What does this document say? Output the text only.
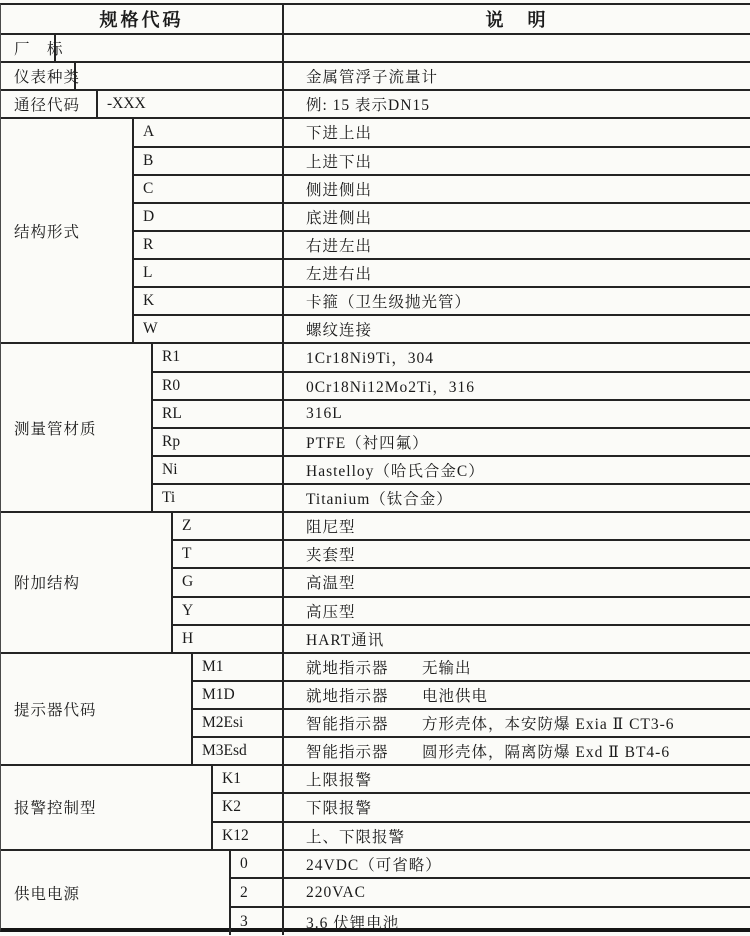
规格代码	说　明
厂　标
仪表种类	金属管浮子流量计
通径代码	-XXX	例: 15 表示DN15
结构形式
A	下进上出
B	上进下出
C	侧进侧出
D	底进侧出
R	右进左出
L	左进右出
K	卡箍（卫生级抛光管）
W	螺纹连接
测量管材质
R1	1Cr18Ni9Ti，304
R0	0Cr18Ni12Mo2Ti，316
RL	316L
Rp	PTFE（衬四氟）
Ni	Hastelloy（哈氏合金C）
Ti	Titanium（钛合金）
附加结构
Z	阻尼型
T	夹套型
G	高温型
Y	高压型
H	HART通讯
提示器代码
M1	就地指示器	无输出
M1D	就地指示器	电池供电
M2Esi	智能指示器	方形壳体，本安防爆 Exia Ⅱ CT3-6
M3Esd	智能指示器	圆形壳体，隔离防爆 Exd Ⅱ BT4-6
报警控制型
K1	上限报警
K2	下限报警
K12	上、下限报警
供电电源
0	24VDC（可省略）
2	220VAC
3	3.6 伏锂电池
